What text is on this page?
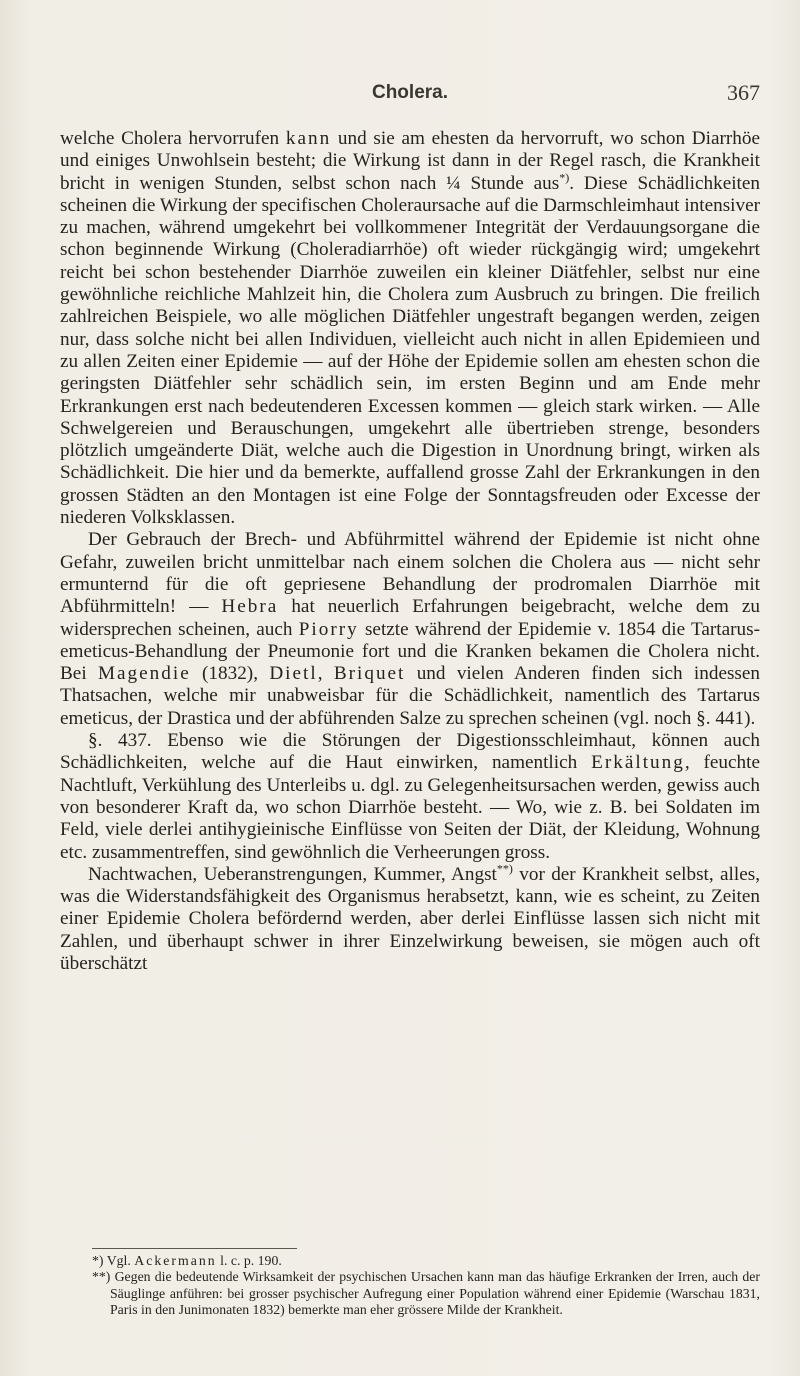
Cholera.	367

welche Cholera hervorrufen kann und sie am ehesten da hervorruft, wo schon Diarrhöe und einiges Unwohlsein besteht; die Wirkung ist dann in der Regel rasch, die Krankheit bricht in wenigen Stunden, selbst schon nach ¼ Stunde aus*). Diese Schädlichkeiten scheinen die Wirkung der specifischen Choleraursache auf die Darmschleimhaut intensiver zu machen, während umgekehrt bei vollkommener Integrität der Verdauungsorgane die schon beginnende Wirkung (Choleradiarrhöe) oft wieder rückgängig wird; umgekehrt reicht bei schon bestehender Diarrhöe zuweilen ein kleiner Diätfehler, selbst nur eine gewöhnliche reichliche Mahlzeit hin, die Cholera zum Ausbruch zu bringen. Die freilich zahlreichen Beispiele, wo alle möglichen Diätfehler ungestraft begangen werden, zeigen nur, dass solche nicht bei allen Individuen, vielleicht auch nicht in allen Epidemieen und zu allen Zeiten einer Epidemie — auf der Höhe der Epidemie sollen am ehesten schon die geringsten Diätfehler sehr schädlich sein, im ersten Beginn und am Ende mehr Erkrankungen erst nach bedeutenderen Excessen kommen — gleich stark wirken. — Alle Schwelgereien und Berauschungen, umgekehrt alle übertrieben strenge, besonders plötzlich umgeänderte Diät, welche auch die Digestion in Unordnung bringt, wirken als Schädlichkeit. Die hier und da bemerkte, auffallend grosse Zahl der Erkrankungen in den grossen Städten an den Montagen ist eine Folge der Sonntagsfreuden oder Excesse der niederen Volksklassen.

Der Gebrauch der Brech- und Abführmittel während der Epidemie ist nicht ohne Gefahr, zuweilen bricht unmittelbar nach einem solchen die Cholera aus — nicht sehr ermunternd für die oft gepriesene Behandlung der prodromalen Diarrhöe mit Abführmitteln! — Hebra hat neuerlich Erfahrungen beigebracht, welche dem zu widersprechen scheinen, auch Piorry setzte während der Epidemie v. 1854 die Tartarus-emeticus-Behandlung der Pneumonie fort und die Kranken bekamen die Cholera nicht. Bei Magendie (1832), Dietl, Briquet und vielen Anderen finden sich indessen Thatsachen, welche mir unabweisbar für die Schädlichkeit, namentlich des Tartarus emeticus, der Drastica und der abführenden Salze zu sprechen scheinen (vgl. noch §. 441).

§. 437. Ebenso wie die Störungen der Digestionsschleimhaut, können auch Schädlichkeiten, welche auf die Haut einwirken, namentlich Erkältung, feuchte Nachtluft, Verkühlung des Unterleibs u. dgl. zu Gelegenheitsursachen werden, gewiss auch von besonderer Kraft da, wo schon Diarrhöe besteht. — Wo, wie z. B. bei Soldaten im Feld, viele derlei antihygieinische Einflüsse von Seiten der Diät, der Kleidung, Wohnung etc. zusammentreffen, sind gewöhnlich die Verheerungen gross.

Nachtwachen, Ueberanstrengungen, Kummer, Angst**) vor der Krankheit selbst, alles, was die Widerstandsfähigkeit des Organismus herabsetzt, kann, wie es scheint, zu Zeiten einer Epidemie Cholera befördernd werden, aber derlei Einflüsse lassen sich nicht mit Zahlen, und überhaupt schwer in ihrer Einzelwirkung beweisen, sie mögen auch oft überschätzt

*) Vgl. Ackermann l. c. p. 190.

**) Gegen die bedeutende Wirksamkeit der psychischen Ursachen kann man das häufige Erkranken der Irren, auch der Säuglinge anführen: bei grosser psychischer Aufregung einer Population während einer Epidemie (Warschau 1831, Paris in den Junimonaten 1832) bemerkte man eher grössere Milde der Krankheit.
